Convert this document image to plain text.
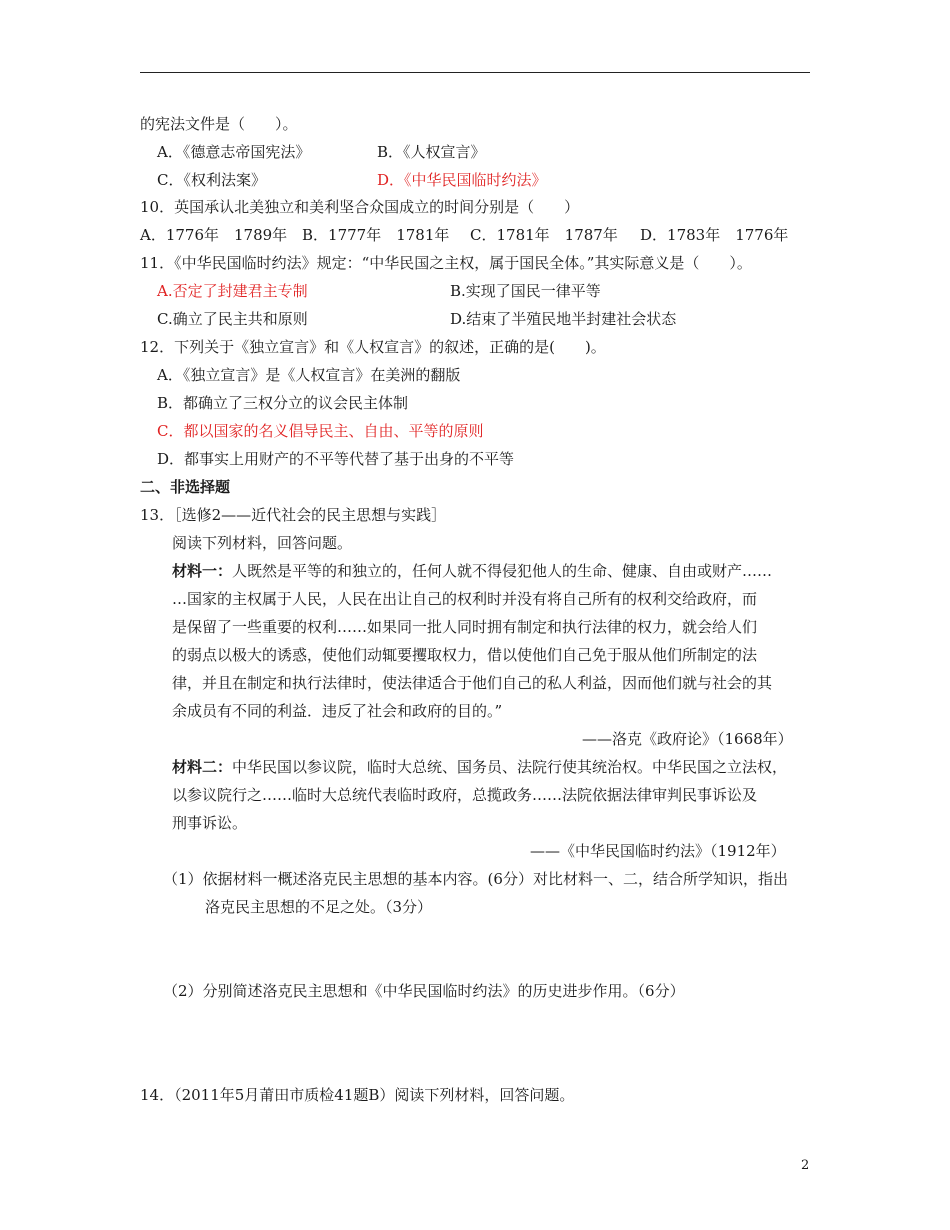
的宪法文件是（　　）。
A．《德意志帝国宪法》	B．《人权宣言》
C．《权利法案》	D．《中华民国临时约法》
10．英国承认北美独立和美利坚合众国成立的时间分别是（　　）
A．1776年　1789年 B．1777年　1781年 C．1781年　1787年 D．1783年　1776年
11．《中华民国临时约法》规定：“中华民国之主权，属于国民全体。”其实际意义是（　　）。
A.否定了封建君主专制	B.实现了国民一律平等
C.确立了民主共和原则	D.结束了半殖民地半封建社会状态
12．下列关于《独立宣言》和《人权宣言》的叙述，正确的是(　　)。
A．《独立宣言》是《人权宣言》在美洲的翻版
B．都确立了三权分立的议会民主体制
C．都以国家的名义倡导民主、自由、平等的原则
D．都事实上用财产的不平等代替了基于出身的不平等
二、非选择题
13．［选修2——近代社会的民主思想与实践］
阅读下列材料，回答问题。
材料一：人既然是平等的和独立的，任何人就不得侵犯他人的生命、健康、自由或财产……
…国家的主权属于人民，人民在出让自己的权利时并没有将自己所有的权利交给政府，而
是保留了一些重要的权利……如果同一批人同时拥有制定和执行法律的权力，就会给人们
的弱点以极大的诱惑，使他们动辄要攫取权力，借以使他们自己免于服从他们所制定的法
律，并且在制定和执行法律时，使法律适合于他们自己的私人利益，因而他们就与社会的其
余成员有不同的利益．违反了社会和政府的目的。”
——洛克《政府论》（1668年）
材料二：中华民国以参议院，临时大总统、国务员、法院行使其统治权。中华民国之立法权，
以参议院行之……临时大总统代表临时政府，总揽政务……法院依据法律审判民事诉讼及
刑事诉讼。
——《中华民国临时约法》（1912年）
（1）依据材料一概述洛克民主思想的基本内容。(6分）对比材料一、二，结合所学知识，指出
洛克民主思想的不足之处。（3分）
（2）分别简述洛克民主思想和《中华民国临时约法》的历史进步作用。（6分）
14．（2011年5月莆田市质检41题B）阅读下列材料，回答问题。
2
